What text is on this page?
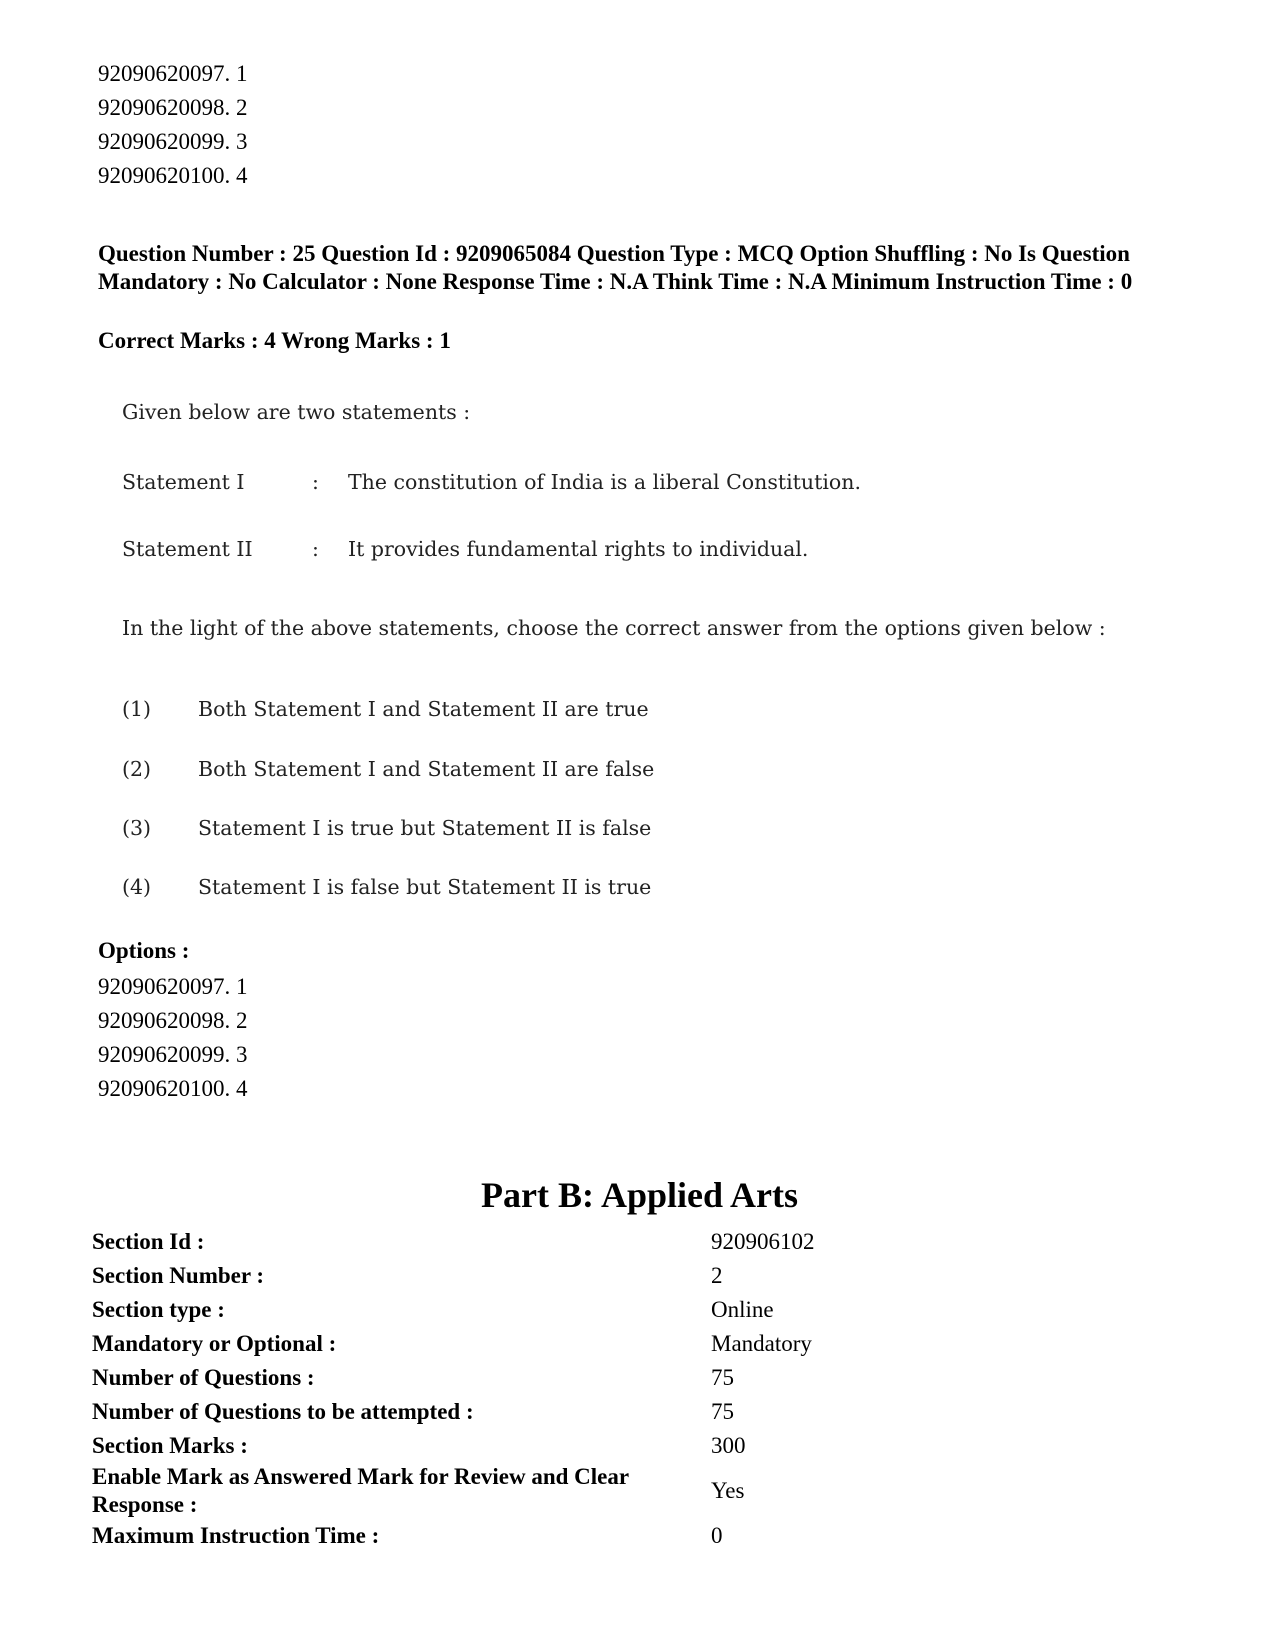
92090620097. 1
92090620098. 2
92090620099. 3
92090620100. 4
Question Number : 25 Question Id : 9209065084 Question Type : MCQ Option Shuffling : No Is Question Mandatory : No Calculator : None Response Time : N.A Think Time : N.A Minimum Instruction Time : 0
Correct Marks : 4 Wrong Marks : 1
Given below are two statements :
Statement I	: The constitution of India is a liberal Constitution.
Statement II	: It provides fundamental rights to individual.
In the light of the above statements, choose the correct answer from the options given below :
(1) Both Statement I and Statement II are true
(2) Both Statement I and Statement II are false
(3) Statement I is true but Statement II is false
(4) Statement I is false but Statement II is true
Options :
92090620097. 1
92090620098. 2
92090620099. 3
92090620100. 4
Part B: Applied Arts
Section Id :	920906102
Section Number :	2
Section type :	Online
Mandatory or Optional :	Mandatory
Number of Questions :	75
Number of Questions to be attempted :	75
Section Marks :	300
Enable Mark as Answered Mark for Review and Clear Response :	Yes
Maximum Instruction Time :	0
